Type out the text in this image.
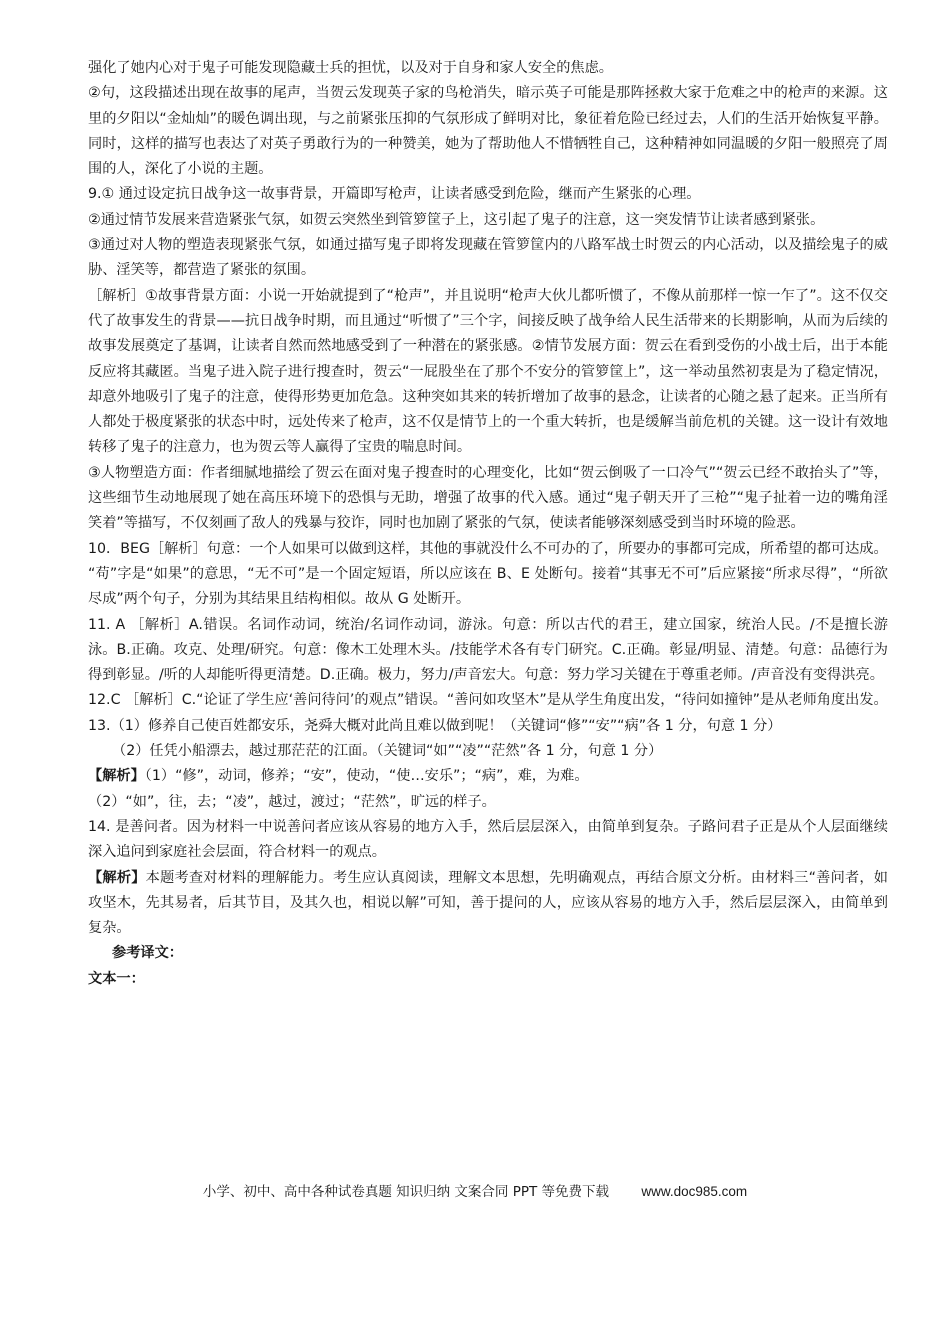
强化了她内心对于鬼子可能发现隐藏士兵的担忧，以及对于自身和家人安全的焦虑。

②句，这段描述出现在故事的尾声，当贺云发现英子家的鸟枪消失，暗示英子可能是那阵拯救大家于危难之中的枪声的来源。这里的夕阳以“金灿灿”的暖色调出现，与之前紧张压抑的气氛形成了鲜明对比，象征着危险已经过去，人们的生活开始恢复平静。同时，这样的描写也表达了对英子勇敢行为的一种赞美，她为了帮助他人不惜牺牲自己，这种精神如同温暖的夕阳一般照亮了周围的人，深化了小说的主题。

9.① 通过设定抗日战争这一故事背景，开篇即写枪声，让读者感受到危险，继而产生紧张的心理。

②通过情节发展来营造紧张气氛，如贺云突然坐到管箩筐子上，这引起了鬼子的注意，这一突发情节让读者感到紧张。

③通过对人物的塑造表现紧张气氛，如通过描写鬼子即将发现藏在管箩筐内的八路军战士时贺云的内心活动，以及描绘鬼子的威胁、淫笑等，都营造了紧张的氛围。

［解析］①故事背景方面：小说一开始就提到了“枪声”，并且说明“枪声大伙儿都听惯了，不像从前那样一惊一乍了”。这不仅交代了故事发生的背景——抗日战争时期，而且通过“听惯了”三个字，间接反映了战争给人民生活带来的长期影响，从而为后续的故事发展奠定了基调，让读者自然而然地感受到了一种潜在的紧张感。②情节发展方面：贺云在看到受伤的小战士后，出于本能反应将其藏匿。当鬼子进入院子进行搜查时，贺云“一屁股坐在了那个不安分的管箩筐上”，这一举动虽然初衷是为了稳定情况，却意外地吸引了鬼子的注意，使得形势更加危急。这种突如其来的转折增加了故事的悬念，让读者的心随之悬了起来。正当所有人都处于极度紧张的状态中时，远处传来了枪声，这不仅是情节上的一个重大转折，也是缓解当前危机的关键。这一设计有效地转移了鬼子的注意力，也为贺云等人赢得了宝贵的喘息时间。

③人物塑造方面：作者细腻地描绘了贺云在面对鬼子搜查时的心理变化，比如“贺云倒吸了一口冷气”“贺云已经不敢抬头了”等，这些细节生动地展现了她在高压环境下的恐惧与无助，增强了故事的代入感。通过“鬼子朝天开了三枪”“鬼子扯着一边的嘴角淫笑着”等描写，不仅刻画了敌人的残暴与狡诈，同时也加剧了紧张的气氛，使读者能够深刻感受到当时环境的险恶。

10．BEG［解析］句意：一个人如果可以做到这样，其他的事就没什么不可办的了，所要办的事都可完成，所希望的都可达成。

“苟”字是“如果”的意思，“无不可”是一个固定短语，所以应该在 B、E 处断句。接着“其事无不可”后应紧接“所求尽得”，“所欲尽成”两个句子，分别为其结果且结构相似。故从 G 处断开。

11. A ［解析］A.错误。名词作动词，统治/名词作动词，游泳。句意：所以古代的君王，建立国家，统治人民。/不是擅长游泳。B.正确。攻克、处理/研究。句意：像木工处理木头。/技能学术各有专门研究。C.正确。彰显/明显、清楚。句意：品德行为得到彰显。/听的人却能听得更清楚。D.正确。极力，努力/声音宏大。句意：努力学习关键在于尊重老师。/声音没有变得洪亮。

12.C ［解析］C.“论证了学生应‘善问待问’的观点”错误。“善问如攻坚木”是从学生角度出发，“待问如撞钟”是从老师角度出发。

13.（1）修养自己使百姓都安乐，尧舜大概对此尚且难以做到呢！（关键词“修”“安”“病”各 1 分，句意 1 分）

（2）任凭小船漂去，越过那茫茫的江面。（关键词“如”“凌”“茫然”各 1 分，句意 1 分）

【解析】（1）“修”，动词，修养；“安”，使动，“使…安乐”；“病”，难，为难。

（2）“如”，往，去；“凌”，越过，渡过；“茫然”，旷远的样子。

14. 是善问者。因为材料一中说善问者应该从容易的地方入手，然后层层深入，由简单到复杂。子路问君子正是从个人层面继续深入追问到家庭社会层面，符合材料一的观点。

【解析】本题考查对材料的理解能力。考生应认真阅读，理解文本思想，先明确观点，再结合原文分析。由材料三“善问者，如攻坚木，先其易者，后其节目，及其久也，相说以解”可知，善于提问的人，应该从容易的地方入手，然后层层深入，由简单到复杂。

参考译文：

文本一：

小学、初中、高中各种试卷真题 知识归纳 文案合同 PPT 等免费下载 www.doc985.com
